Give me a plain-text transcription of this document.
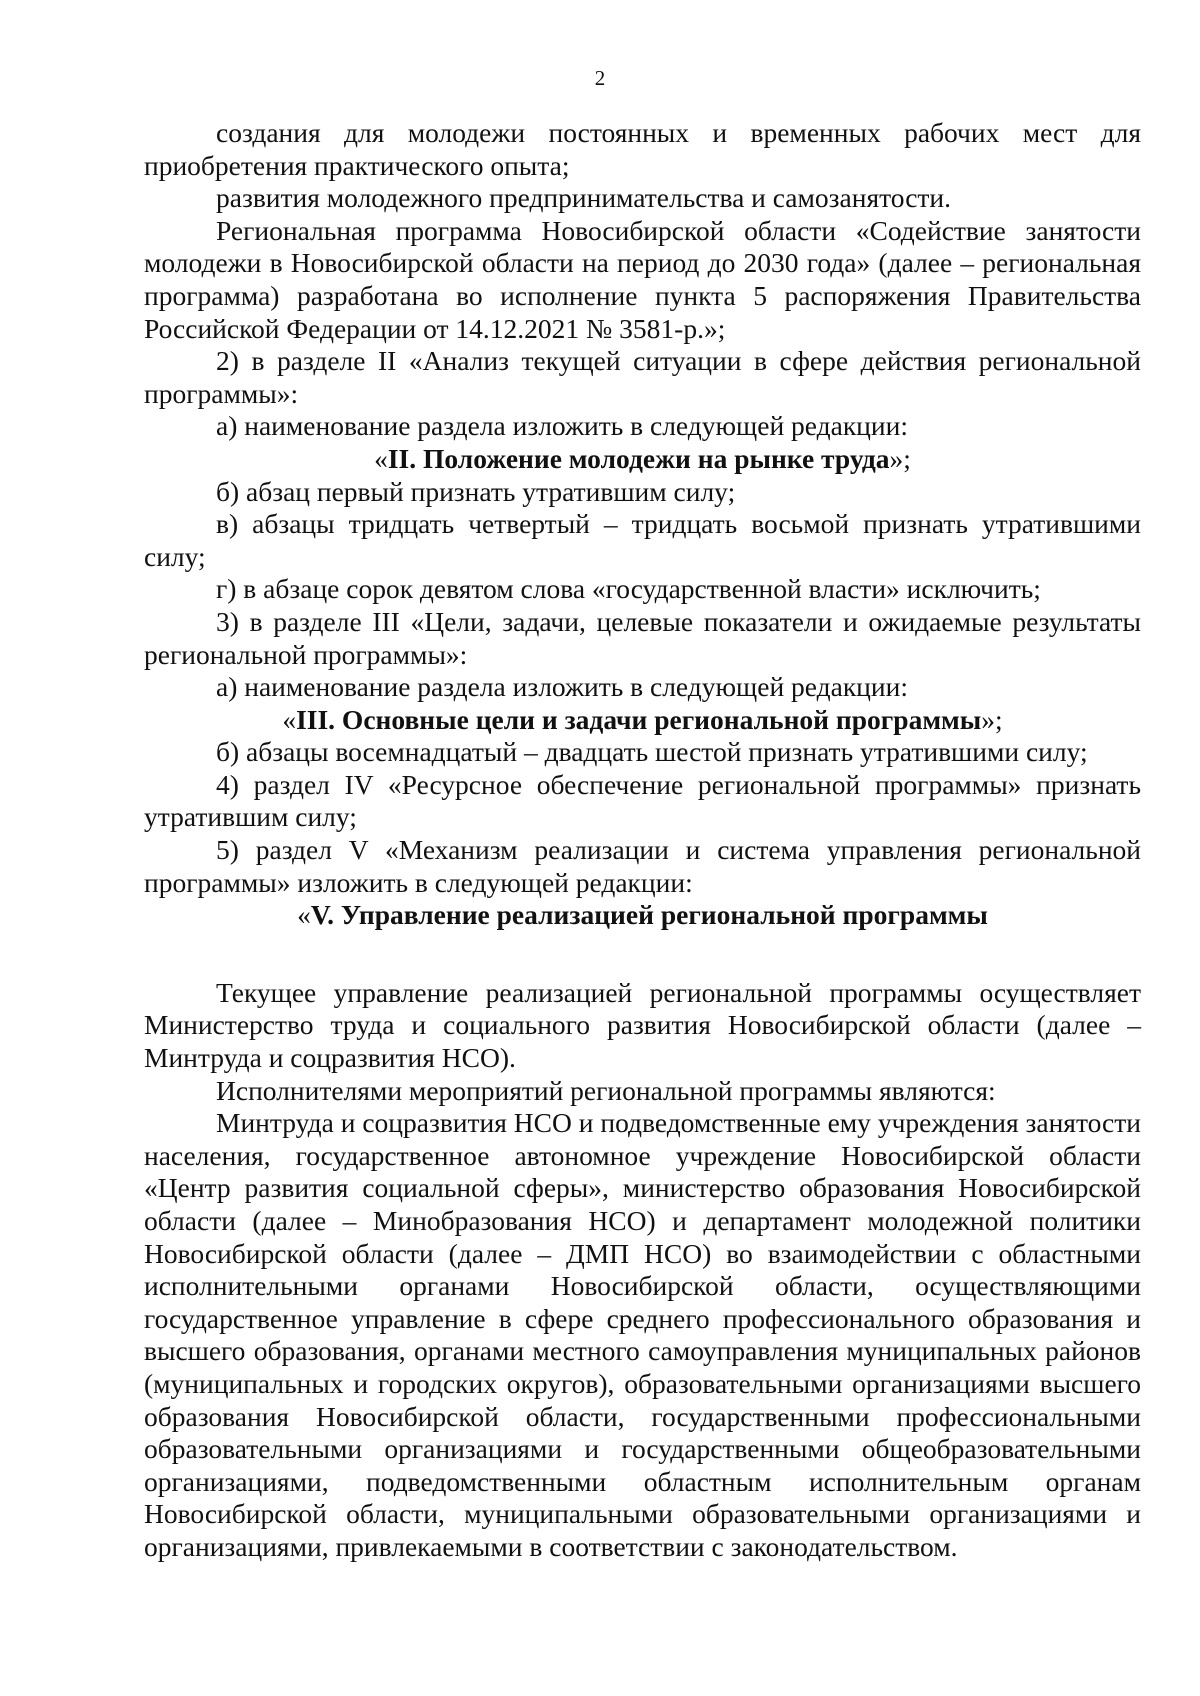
2

создания для молодежи постоянных и временных рабочих мест для приобретения практического опыта;

развития молодежного предпринимательства и самозанятости.

Региональная программа Новосибирской области «Содействие занятости молодежи в Новосибирской области на период до 2030 года» (далее – региональная программа) разработана во исполнение пункта 5 распоряжения Правительства Российской Федерации от 14.12.2021 № 3581-р.»;

2) в разделе II «Анализ текущей ситуации в сфере действия региональной программы»:

а) наименование раздела изложить в следующей редакции:

«II. Положение молодежи на рынке труда»;

б) абзац первый признать утратившим силу;

в) абзацы тридцать четвертый – тридцать восьмой признать утратившими силу;

г) в абзаце сорок девятом слова «государственной власти» исключить;

3) в разделе III «Цели, задачи, целевые показатели и ожидаемые результаты региональной программы»:

а) наименование раздела изложить в следующей редакции:

«III. Основные цели и задачи региональной программы»;

б) абзацы восемнадцатый – двадцать шестой признать утратившими силу;

4) раздел IV «Ресурсное обеспечение региональной программы» признать утратившим силу;

5) раздел V «Механизм реализации и система управления региональной программы» изложить в следующей редакции:

«V. Управление реализацией региональной программы

Текущее управление реализацией региональной программы осуществляет Министерство труда и социального развития Новосибирской области (далее – Минтруда и соцразвития НСО).

Исполнителями мероприятий региональной программы являются:

Минтруда и соцразвития НСО и подведомственные ему учреждения занятости населения, государственное автономное учреждение Новосибирской области «Центр развития социальной сферы», министерство образования Новосибирской области (далее – Минобразования НСО) и департамент молодежной политики Новосибирской области (далее – ДМП НСО) во взаимодействии с областными исполнительными органами Новосибирской области, осуществляющими государственное управление в сфере среднего профессионального образования и высшего образования, органами местного самоуправления муниципальных районов (муниципальных и городских округов), образовательными организациями высшего образования Новосибирской области, государственными профессиональными образовательными организациями и государственными общеобразовательными организациями, подведомственными областным исполнительным органам Новосибирской области, муниципальными образовательными организациями и организациями, привлекаемыми в соответствии с законодательством.
